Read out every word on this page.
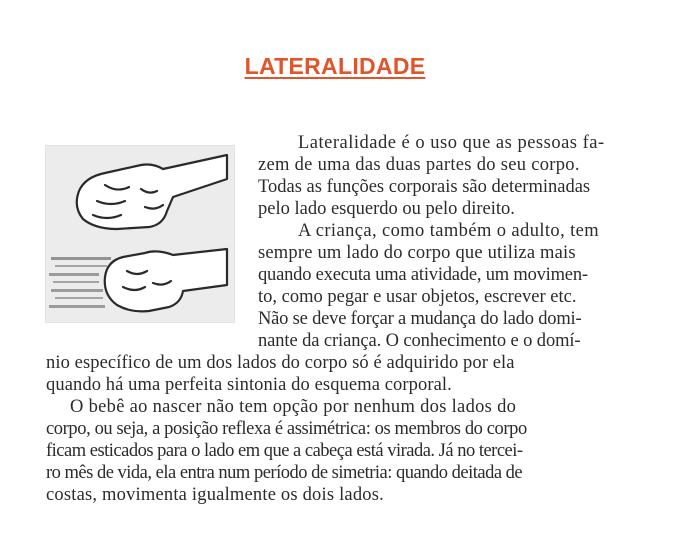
LATERALIDADE
Lateralidade é o uso que as pessoas fa-
zem de uma das duas partes do seu corpo.
Todas as funções corporais são determinadas
pelo lado esquerdo ou pelo direito.
A criança, como também o adulto, tem
sempre um lado do corpo que utiliza mais
quando executa uma atividade, um movimen-
to, como pegar e usar objetos, escrever etc.
Não se deve forçar a mudança do lado domi-
nante da criança. O conhecimento e o domí-
nio específico de um dos lados do corpo só é adquirido por ela
quando há uma perfeita sintonia do esquema corporal.
O bebê ao nascer não tem opção por nenhum dos lados do
corpo, ou seja, a posição reflexa é assimétrica: os membros do corpo
ficam esticados para o lado em que a cabeça está virada. Já no tercei-
ro mês de vida, ela entra num período de simetria: quando deitada de
costas, movimenta igualmente os dois lados.
